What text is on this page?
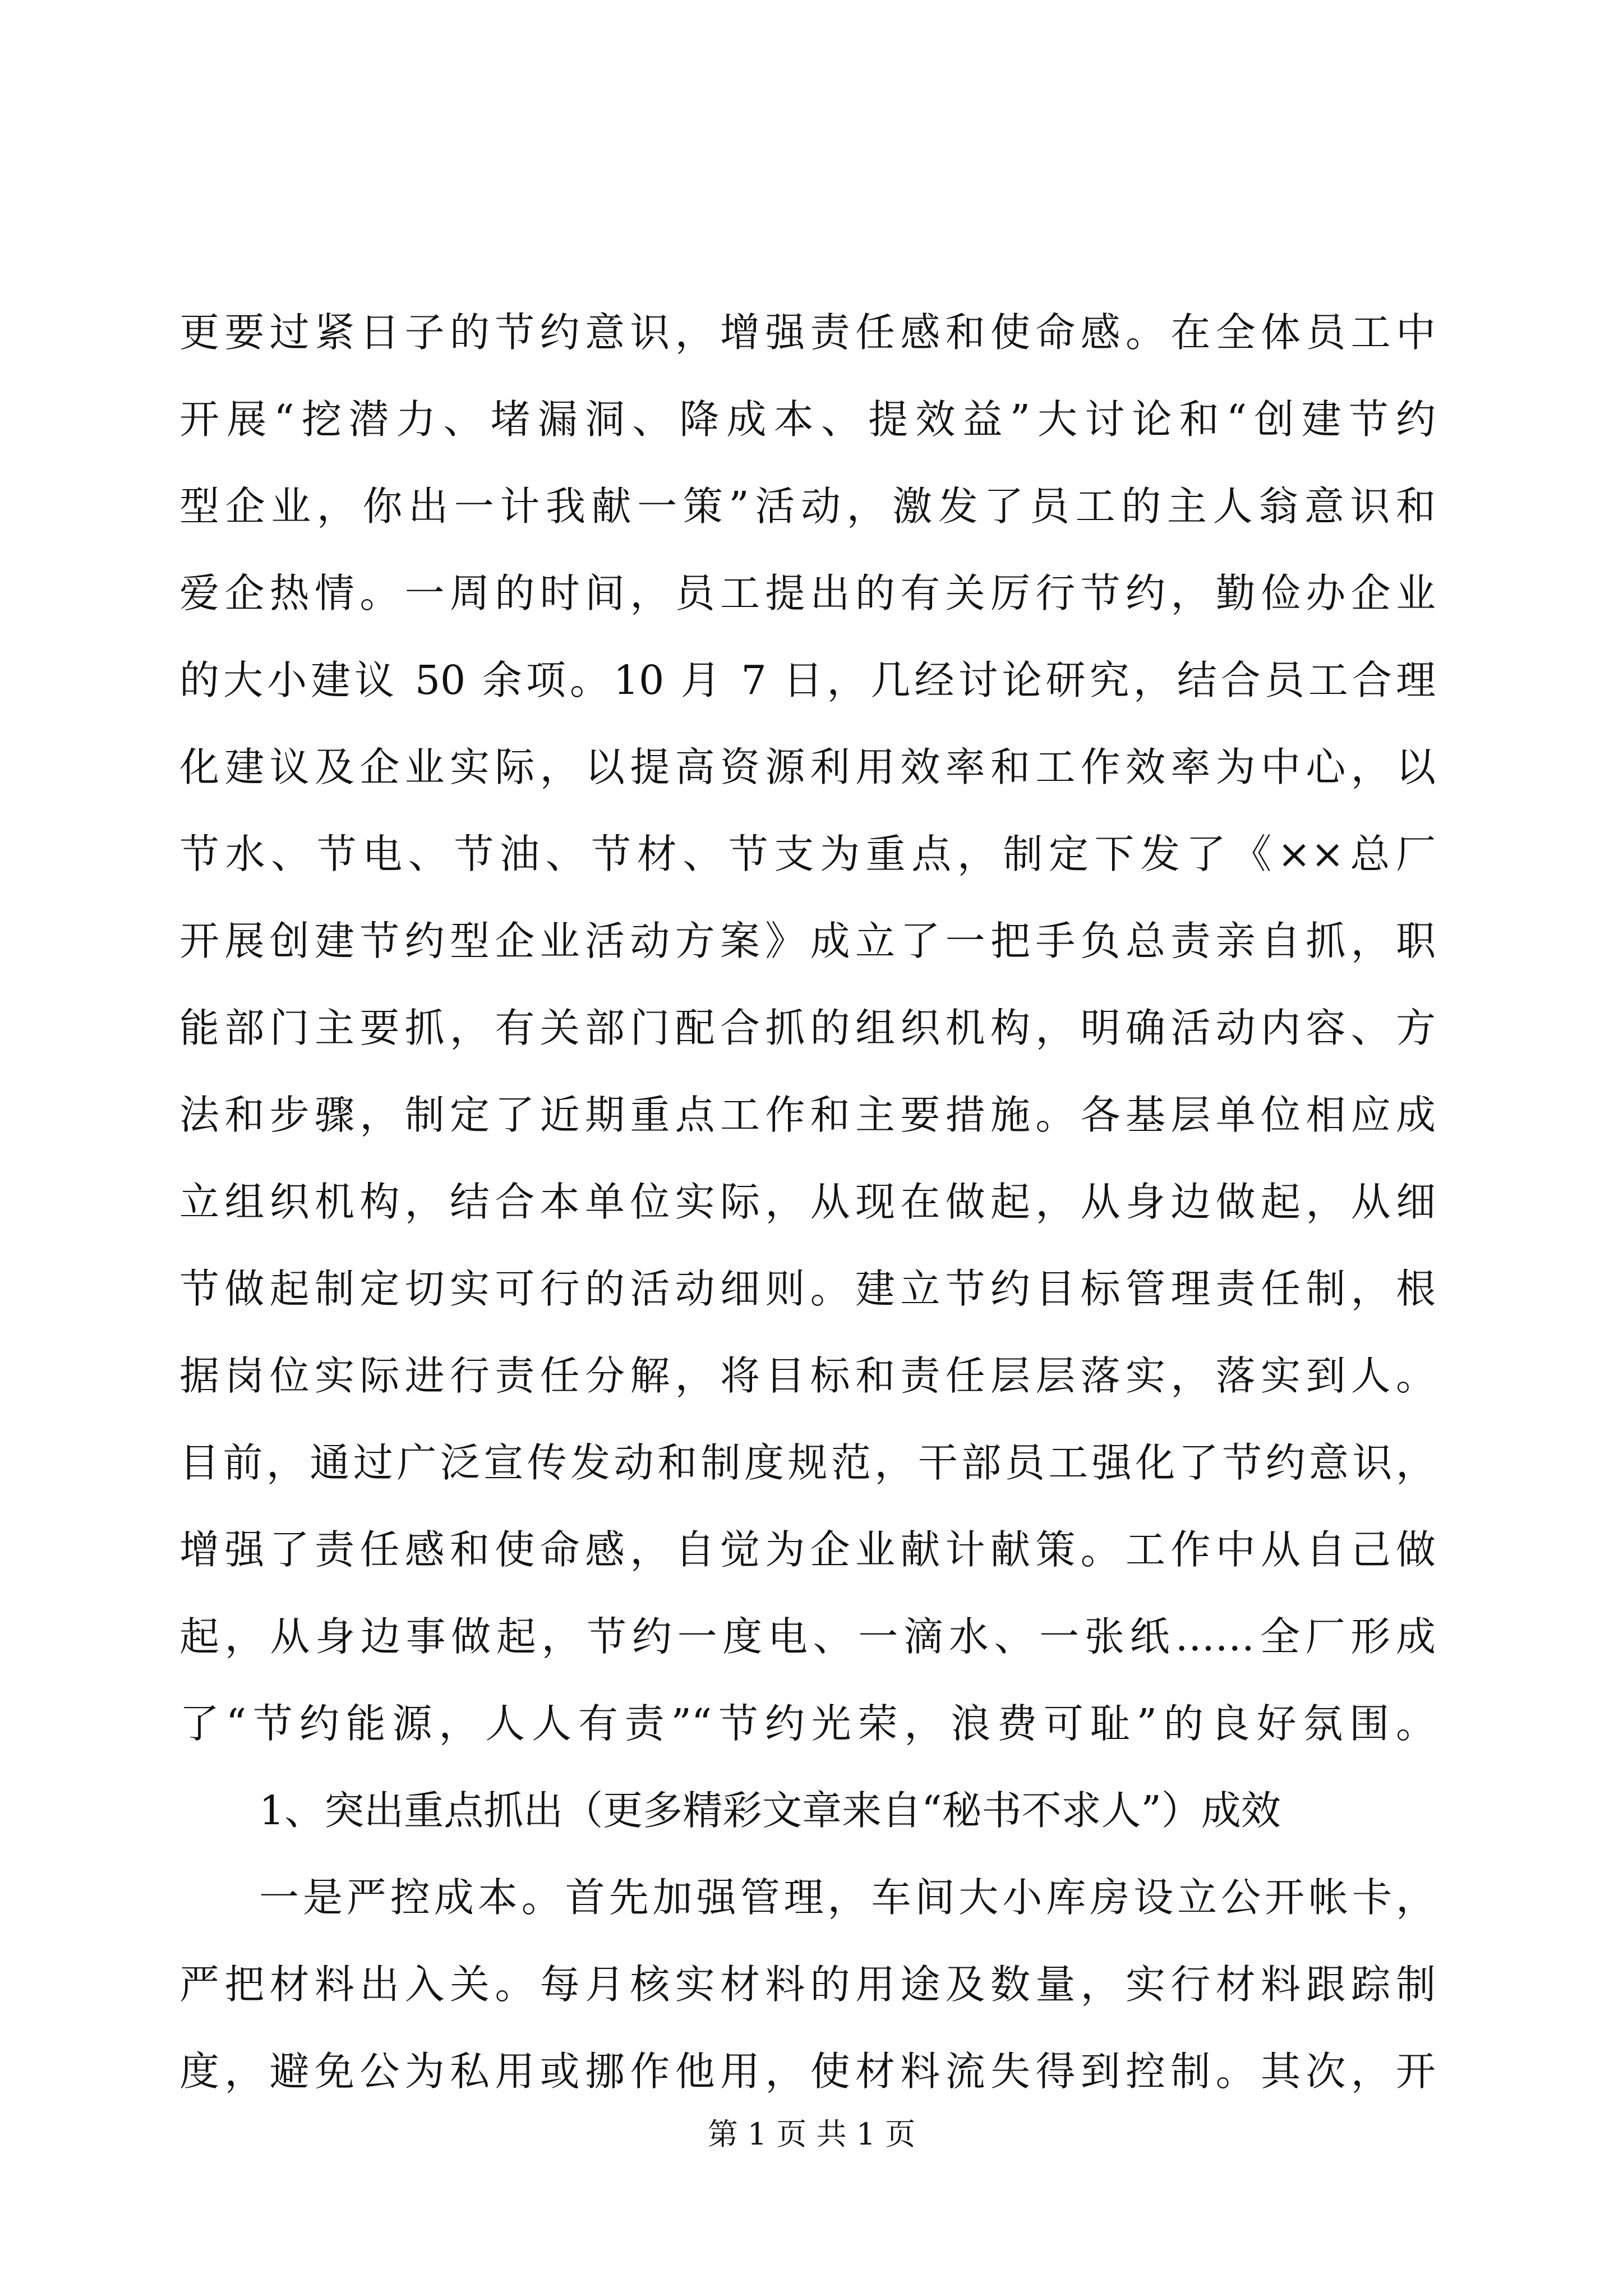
更要过紧日子的节约意识，增强责任感和使命感。在全体员工中
开展“挖潜力、堵漏洞、降成本、提效益”大讨论和“创建节约
型企业，你出一计我献一策”活动，激发了员工的主人翁意识和
爱企热情。一周的时间，员工提出的有关厉行节约，勤俭办企业
的大小建议 50 余项。10 月 7 日，几经讨论研究，结合员工合理
化建议及企业实际，以提高资源利用效率和工作效率为中心，以
节水、节电、节油、节材、节支为重点，制定下发了《××总厂
开展创建节约型企业活动方案》成立了一把手负总责亲自抓，职
能部门主要抓，有关部门配合抓的组织机构，明确活动内容、方
法和步骤，制定了近期重点工作和主要措施。各基层单位相应成
立组织机构，结合本单位实际，从现在做起，从身边做起，从细
节做起制定切实可行的活动细则。建立节约目标管理责任制，根
据岗位实际进行责任分解，将目标和责任层层落实，落实到人。
目前，通过广泛宣传发动和制度规范，干部员工强化了节约意识，
增强了责任感和使命感，自觉为企业献计献策。工作中从自己做
起，从身边事做起，节约一度电、一滴水、一张纸……全厂形成
了“节约能源，人人有责”“节约光荣，浪费可耻”的良好氛围。
1、突出重点抓出（更多精彩文章来自“秘书不求人”）成效
一是严控成本。首先加强管理，车间大小库房设立公开帐卡，
严把材料出入关。每月核实材料的用途及数量，实行材料跟踪制
度，避免公为私用或挪作他用，使材料流失得到控制。其次，开
第 1 页 共 1 页
